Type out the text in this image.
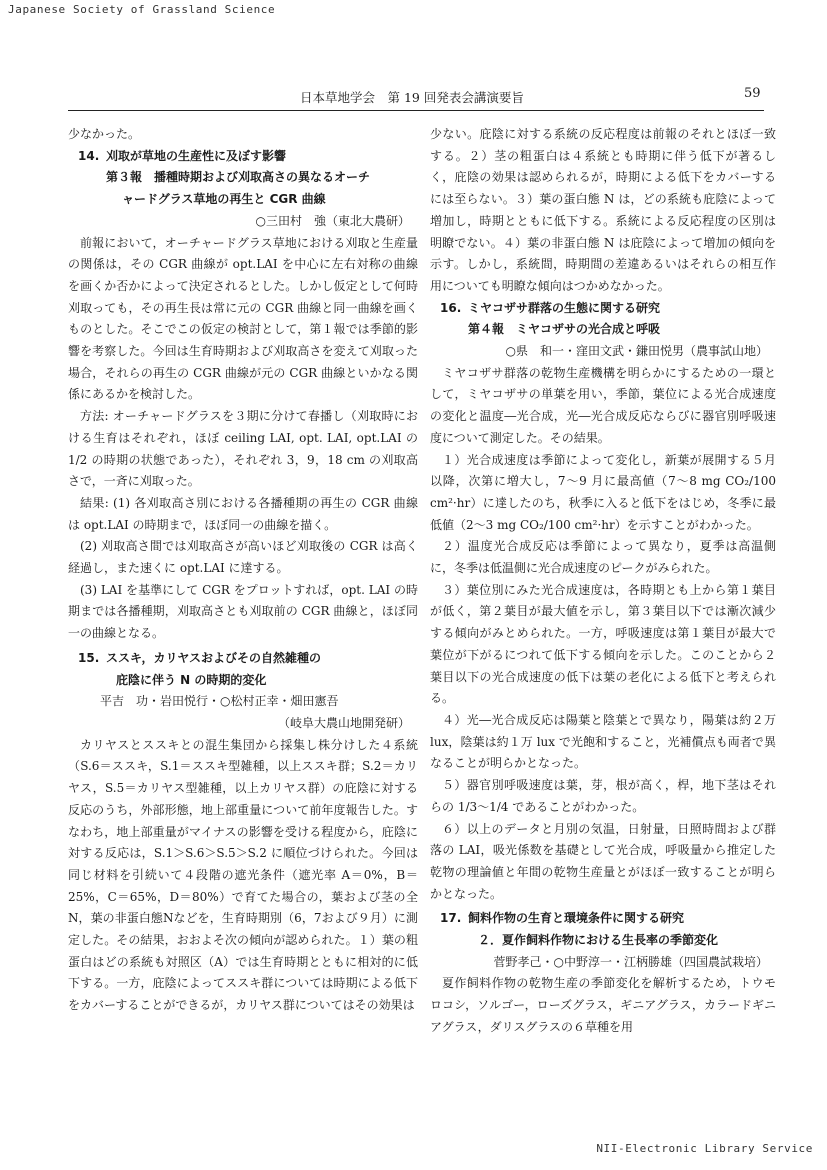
Japanese Society of Grassland Science
日本草地学会　第 19 回発表会講演要旨	59

少なかった。

14. 刈取が草地の生産性に及ぼす影響
第３報　播種時期および刈取高さの異なるオーチ
ャードグラス草地の再生と CGR 曲線
○三田村　強（東北大農研）

前報において，オーチャードグラス草地における刈取と生産量の関係は，その CGR 曲線が opt.LAI を中心に左右対称の曲線を画くか否かによって決定されるとした。しかし仮定として何時刈取っても，その再生長は常に元の CGR 曲線と同一曲線を画くものとした。そこでこの仮定の検討として，第１報では季節的影響を考察した。今回は生育時期および刈取高さを変えて刈取った場合，それらの再生の CGR 曲線が元の CGR 曲線といかなる関係にあるかを検討した。

方法: オーチャードグラスを３期に分けて春播し（刈取時における生育はそれぞれ，ほぼ ceiling LAI, opt. LAI, opt.LAI の 1/2 の時期の状態であった），それぞれ 3，9，18 cm の刈取高さで，一斉に刈取った。

結果: (1) 各刈取高さ別における各播種期の再生の CGR 曲線は opt.LAI の時期まで，ほぼ同一の曲線を描く。

(2) 刈取高さ間では刈取高さが高いほど刈取後の CGR は高く経過し，また速くに opt.LAI に達する。

(3) LAI を基準にして CGR をプロットすれば，opt. LAI の時期までは各播種期，刈取高さとも刈取前の CGR 曲線と，ほぼ同一の曲線となる。

15. ススキ，カリヤスおよびその自然雑種の
庇陰に伴う N の時期的変化
平吉　功・岩田悦行・○松村正幸・畑田憲吾
（岐阜大農山地開発研）

カリヤスとススキとの混生集団から採集し株分けした４系統（S.6＝ススキ，S.1＝ススキ型雑種，以上ススキ群；S.2＝カリヤス，S.5＝カリヤス型雑種，以上カリヤス群）の庇陰に対する反応のうち，外部形態，地上部重量について前年度報告した。すなわち，地上部重量がマイナスの影響を受ける程度から，庇陰に対する反応は，S.1＞S.6＞S.5＞S.2 に順位づけられた。今回は同じ材料を引続いて４段階の遮光条件（遮光率 A＝0%，B＝25%，C＝65%，D＝80%）で育てた場合の，葉および茎の全N，葉の非蛋白態Nなどを，生育時期別（6，7および９月）に測定した。その結果，おおよそ次の傾向が認められた。１）葉の粗蛋白はどの系統も対照区（A）では生育時期とともに相対的に低下する。一方，庇陰によってススキ群については時期による低下をカバーすることができるが，カリヤス群についてはその効果は

少ない。庇陰に対する系統の反応程度は前報のそれとほぼ一致する。２）茎の粗蛋白は４系統とも時期に伴う低下が著るしく，庇陰の効果は認められるが，時期による低下をカバーするには至らない。３）葉の蛋白態 N は，どの系統も庇陰によって増加し，時期とともに低下する。系統による反応程度の区別は明瞭でない。４）葉の非蛋白態 N は庇陰によって増加の傾向を示す。しかし，系統間，時期間の差違あるいはそれらの相互作用についても明瞭な傾向はつかめなかった。

16. ミヤコザサ群落の生態に関する研究
第４報　ミヤコザサの光合成と呼吸
○県　和一・窪田文武・鎌田悦男（農事試山地）

ミヤコザサ群落の乾物生産機構を明らかにするための一環として，ミヤコザサの単葉を用い，季節，葉位による光合成速度の変化と温度―光合成，光―光合成反応ならびに器官別呼吸速度について測定した。その結果。

１）光合成速度は季節によって変化し，新葉が展開する５月以降，次第に増大し，7〜9 月に最高値（7〜8 mg CO₂/100 cm²·hr）に達したのち，秋季に入ると低下をはじめ，冬季に最低値（2〜3 mg CO₂/100 cm²·hr）を示すことがわかった。

２）温度光合成反応は季節によって異なり，夏季は高温側に，冬季は低温側に光合成速度のピークがみられた。

３）葉位別にみた光合成速度は，各時期とも上から第１葉目が低く，第２葉目が最大値を示し，第３葉目以下では漸次減少する傾向がみとめられた。一方，呼吸速度は第１葉目が最大で葉位が下がるにつれて低下する傾向を示した。このことから２葉目以下の光合成速度の低下は葉の老化による低下と考えられる。

４）光―光合成反応は陽葉と陰葉とで異なり，陽葉は約２万 lux，陰葉は約１万 lux で光飽和すること，光補償点も両者で異なることが明らかとなった。

５）器官別呼吸速度は葉，芽，根が高く，桿，地下茎はそれらの 1/3〜1/4 であることがわかった。

６）以上のデータと月別の気温，日射量，日照時間および群落の LAI，吸光係数を基礎として光合成，呼吸量から推定した乾物の理論値と年間の乾物生産量とがほぼ一致することが明らかとなった。

17. 飼料作物の生育と環境条件に関する研究
２．夏作飼料作物における生長率の季節変化
菅野孝己・○中野淳一・江柄勝雄（四国農試栽培）

夏作飼料作物の乾物生産の季節変化を解析するため，トウモロコシ，ソルゴー，ローズグラス，ギニアグラス，カラードギニアグラス，ダリスグラスの６草種を用

NII-Electronic Library Service
